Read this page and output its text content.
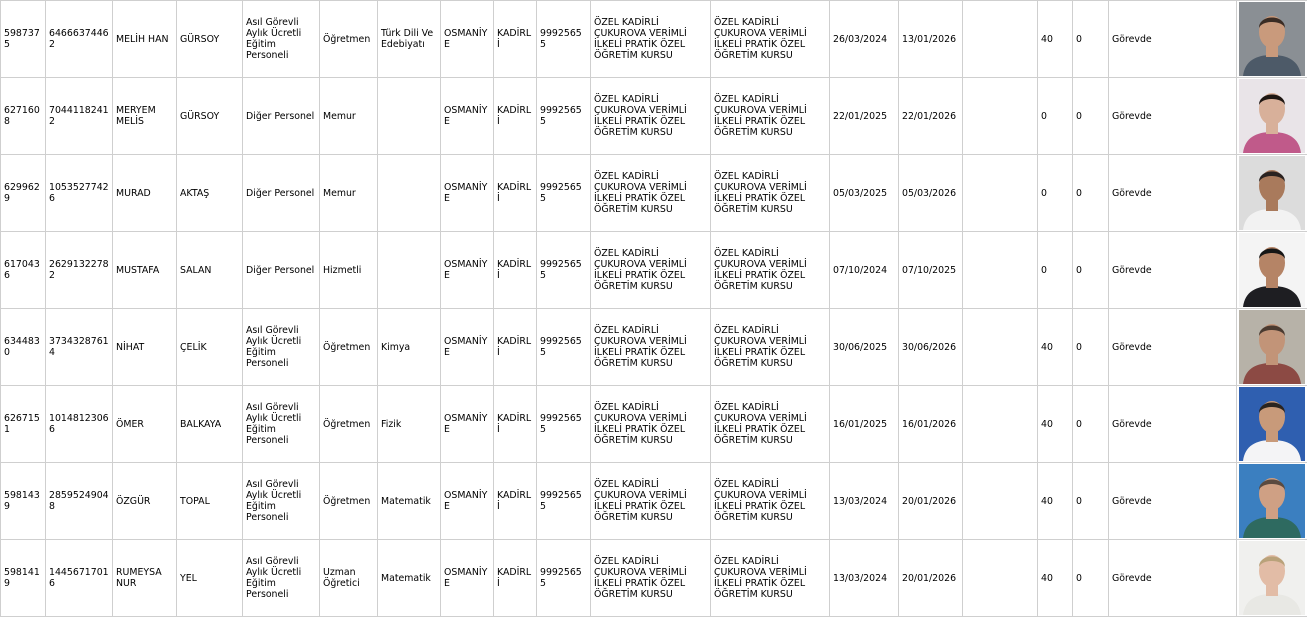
5987375	64666374462	MELİH HAN	GÜRSOY	Asıl Görevli Aylık Ücretli Eğitim Personeli	Öğretmen	Türk Dili Ve Edebiyatı	OSMANİYE	KADİRLİ	99925655	ÖZEL KADİRLİ ÇUKUROVA VERİMLİ İLKELİ PRATİK ÖZEL ÖĞRETİM KURSU	ÖZEL KADİRLİ ÇUKUROVA VERİMLİ İLKELİ PRATİK ÖZEL ÖĞRETİM KURSU	26/03/2024	13/01/2026		40	0	Görevde	

6271608	70441182412	MERYEM MELİS	GÜRSOY	Diğer Personel	Memur		OSMANİYE	KADİRLİ	99925655	ÖZEL KADİRLİ ÇUKUROVA VERİMLİ İLKELİ PRATİK ÖZEL ÖĞRETİM KURSU	ÖZEL KADİRLİ ÇUKUROVA VERİMLİ İLKELİ PRATİK ÖZEL ÖĞRETİM KURSU	22/01/2025	22/01/2026		0	0	Görevde	

6299629	10535277426	MURAD	AKTAŞ	Diğer Personel	Memur		OSMANİYE	KADİRLİ	99925655	ÖZEL KADİRLİ ÇUKUROVA VERİMLİ İLKELİ PRATİK ÖZEL ÖĞRETİM KURSU	ÖZEL KADİRLİ ÇUKUROVA VERİMLİ İLKELİ PRATİK ÖZEL ÖĞRETİM KURSU	05/03/2025	05/03/2026		0	0	Görevde	

6170436	26291322782	MUSTAFA	SALAN	Diğer Personel	Hizmetli		OSMANİYE	KADİRLİ	99925655	ÖZEL KADİRLİ ÇUKUROVA VERİMLİ İLKELİ PRATİK ÖZEL ÖĞRETİM KURSU	ÖZEL KADİRLİ ÇUKUROVA VERİMLİ İLKELİ PRATİK ÖZEL ÖĞRETİM KURSU	07/10/2024	07/10/2025		0	0	Görevde	

6344830	37343287614	NİHAT	ÇELİK	Asıl Görevli Aylık Ücretli Eğitim Personeli	Öğretmen	Kimya	OSMANİYE	KADİRLİ	99925655	ÖZEL KADİRLİ ÇUKUROVA VERİMLİ İLKELİ PRATİK ÖZEL ÖĞRETİM KURSU	ÖZEL KADİRLİ ÇUKUROVA VERİMLİ İLKELİ PRATİK ÖZEL ÖĞRETİM KURSU	30/06/2025	30/06/2026		40	0	Görevde	

6267151	10148123066	ÖMER	BALKAYA	Asıl Görevli Aylık Ücretli Eğitim Personeli	Öğretmen	Fizik	OSMANİYE	KADİRLİ	99925655	ÖZEL KADİRLİ ÇUKUROVA VERİMLİ İLKELİ PRATİK ÖZEL ÖĞRETİM KURSU	ÖZEL KADİRLİ ÇUKUROVA VERİMLİ İLKELİ PRATİK ÖZEL ÖĞRETİM KURSU	16/01/2025	16/01/2026		40	0	Görevde	

5981439	28595249048	ÖZGÜR	TOPAL	Asıl Görevli Aylık Ücretli Eğitim Personeli	Öğretmen	Matematik	OSMANİYE	KADİRLİ	99925655	ÖZEL KADİRLİ ÇUKUROVA VERİMLİ İLKELİ PRATİK ÖZEL ÖĞRETİM KURSU	ÖZEL KADİRLİ ÇUKUROVA VERİMLİ İLKELİ PRATİK ÖZEL ÖĞRETİM KURSU	13/03/2024	20/01/2026		40	0	Görevde	

5981419	14456717016	RUMEYSA NUR	YEL	Asıl Görevli Aylık Ücretli Eğitim Personeli	Uzman Öğretici	Matematik	OSMANİYE	KADİRLİ	99925655	ÖZEL KADİRLİ ÇUKUROVA VERİMLİ İLKELİ PRATİK ÖZEL ÖĞRETİM KURSU	ÖZEL KADİRLİ ÇUKUROVA VERİMLİ İLKELİ PRATİK ÖZEL ÖĞRETİM KURSU	13/03/2024	20/01/2026		40	0	Görevde	
